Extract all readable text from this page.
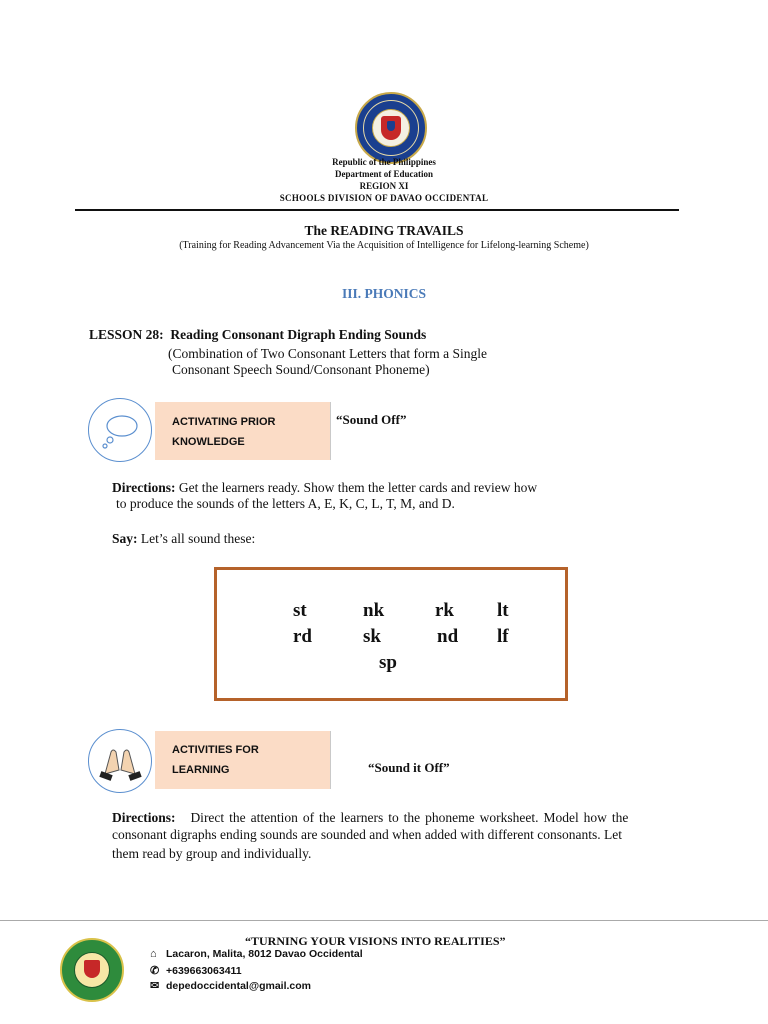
Republic of the Philippines
Department of Education
REGION XI
SCHOOLS DIVISION OF DAVAO OCCIDENTAL
The READING TRAVAILS
(Training for Reading Advancement Via the Acquisition of Intelligence for Lifelong-learning Scheme)
III. PHONICS
LESSON 28:  Reading Consonant Digraph Ending Sounds
(Combination of Two Consonant Letters that form a Single
Consonant Speech Sound/Consonant Phoneme)
ACTIVATING PRIOR
KNOWLEDGE
“Sound Off”
Directions: Get the learners ready. Show them the letter cards and review how
to produce the sounds of the letters A, E, K, C, L, T, M, and D.
Say: Let’s all sound these:
st	nk	rk lt
rd	sk	nd lf
sp
ACTIVITIES FOR
LEARNING	“Sound it Off”
Directions: Direct the attention of the learners to the phoneme worksheet. Model how the
consonant digraphs ending sounds are sounded and when added with different consonants. Let
them read by group and individually.
“TURNING YOUR VISIONS INTO REALITIES”
⌂ Lacaron, Malita, 8012 Davao Occidental
✆ +639663063411
✉ depedoccidental@gmail.com
